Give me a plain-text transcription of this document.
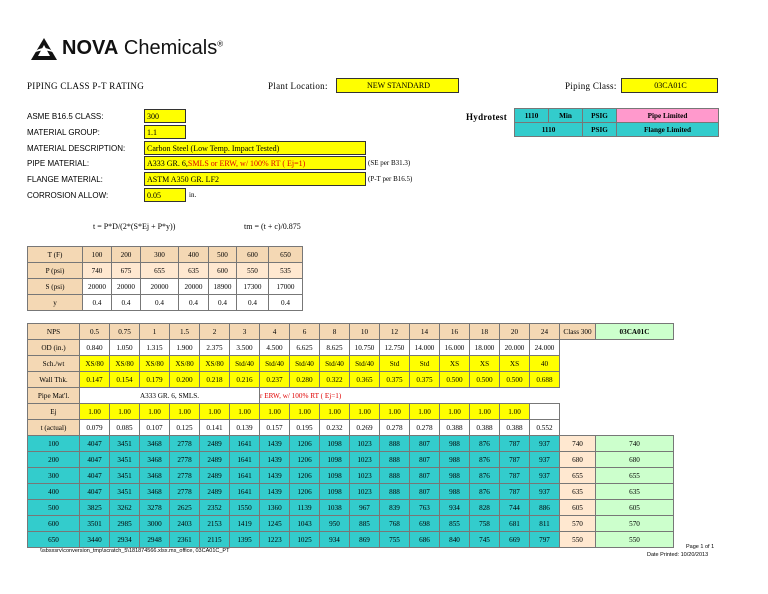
NOVA Chemicals®
PIPING CLASS P-T RATING	Plant Location:	NEW STANDARD	Piping Class:	03CA01C
ASME B16.5 CLASS:	300
MATERIAL GROUP:	1.1
MATERIAL DESCRIPTION:	Carbon Steel (Low Temp. Impact Tested)
PIPE MATERIAL:	A333 GR. 6, SMLS or ERW, w/ 100% RT ( Ej=1)	(SE per B31.3)
FLANGE MATERIAL:	ASTM A350 GR. LF2	(P-T per B16.5)
CORROSION ALLOW:	0.05	in.
Hydrotest 1110	Min	PSIG	Pipe Limited
1110		PSIG	Flange Limited
t = P*D/(2*(S*Ej + P*y))	tm = (t + c)/0.875
T (F)	100	200	300	400	500	600	650
P (psi)	740	675	655	635	600	550	535
S (psi)	20000	20000	20000	20000	18900	17300	17000
y	0.4	0.4	0.4	0.4	0.4	0.4	0.4
NPS	0.5	0.75	1	1.5	2	3	4	6	8	10	12	14	16	18	20	24	Class 300	03CA01C
OD (in.)	0.840	1.050	1.315	1.900	2.375	3.500	4.500	6.625	8.625	10.750	12.750	14.000	16.000	18.000	20.000	24.000		
Sch./wt	XS/80	XS/80	XS/80	XS/80	XS/80	Std/40	Std/40	Std/40	Std/40	Std/40	Std	Std	XS	XS	XS	40		
Wall Thk.	0.147	0.154	0.179	0.200	0.218	0.216	0.237	0.280	0.322	0.365	0.375	0.375	0.500	0.500	0.500	0.688		
Pipe Mat'l.	A333 GR. 6, SMLS.						r ERW, w/ 100% RT ( Ej=1)											
Ej	1.00	1.00	1.00	1.00	1.00	1.00	1.00	1.00	1.00	1.00	1.00	1.00	1.00	1.00	1.00			
t (actual)	0.079	0.085	0.107	0.125	0.141	0.139	0.157	0.195	0.232	0.269	0.278	0.278	0.388	0.388	0.388	0.552		
100	4047	3451	3468	2778	2489	1641	1439	1206	1098	1023	888	807	988	876	787	937	740	740
200	4047	3451	3468	2778	2489	1641	1439	1206	1098	1023	888	807	988	876	787	937	680	680
300	4047	3451	3468	2778	2489	1641	1439	1206	1098	1023	888	807	988	876	787	937	655	655
400	4047	3451	3468	2778	2489	1641	1439	1206	1098	1023	888	807	988	876	787	937	635	635
500	3825	3262	3278	2625	2352	1550	1360	1139	1038	967	839	763	934	828	744	886	605	605
600	3501	2985	3000	2403	2153	1419	1245	1043	950	885	768	698	855	758	681	811	570	570
650	3440	2934	2948	2361	2115	1395	1223	1025	934	869	755	686	840	745	669	797	550	550
\\sbsxsrv\conversion_tmp\scratch_5\181874566.xlsx.ms_office, 03CA01C_PT
Page 1 of 1
Date Printed: 10/20/2013
